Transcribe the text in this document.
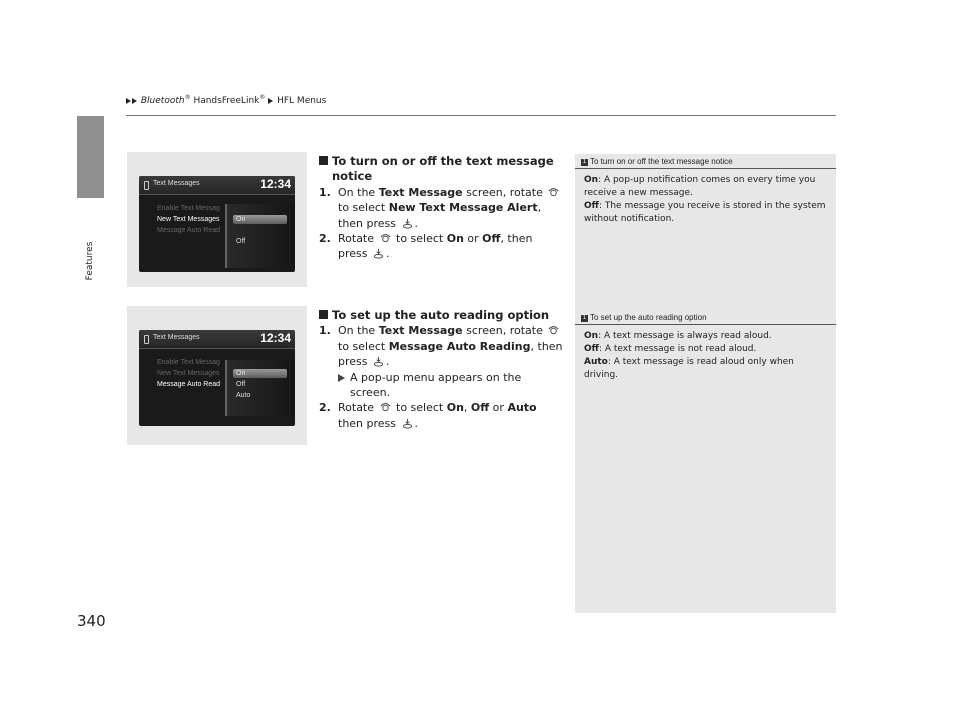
Bluetooth® HandsFreeLink® HFL Menus
Features
340
Text Messages	12:34
Enable Text Messag
New Text Messages
Message Auto Read
On
Off
Text Messages	12:34
Enable Text Messag
New Text Messages
Message Auto Read
On
Off
Auto
To turn on or off the text message notice
1. On the Text Message screen, rotate  to select New Text Message Alert, then press .
2. Rotate  to select On or Off, then press .
To set up the auto reading option
1. On the Text Message screen, rotate  to select Message Auto Reading, then press .
A pop-up menu appears on the screen.
2. Rotate  to select On, Off or Auto then press .
1 To turn on or off the text message notice

On: A pop-up notification comes on every time you receive a new message.

Off: The message you receive is stored in the system without notification.

1 To set up the auto reading option

On: A text message is always read aloud.

Off: A text message is not read aloud.

Auto: A text message is read aloud only when driving.
